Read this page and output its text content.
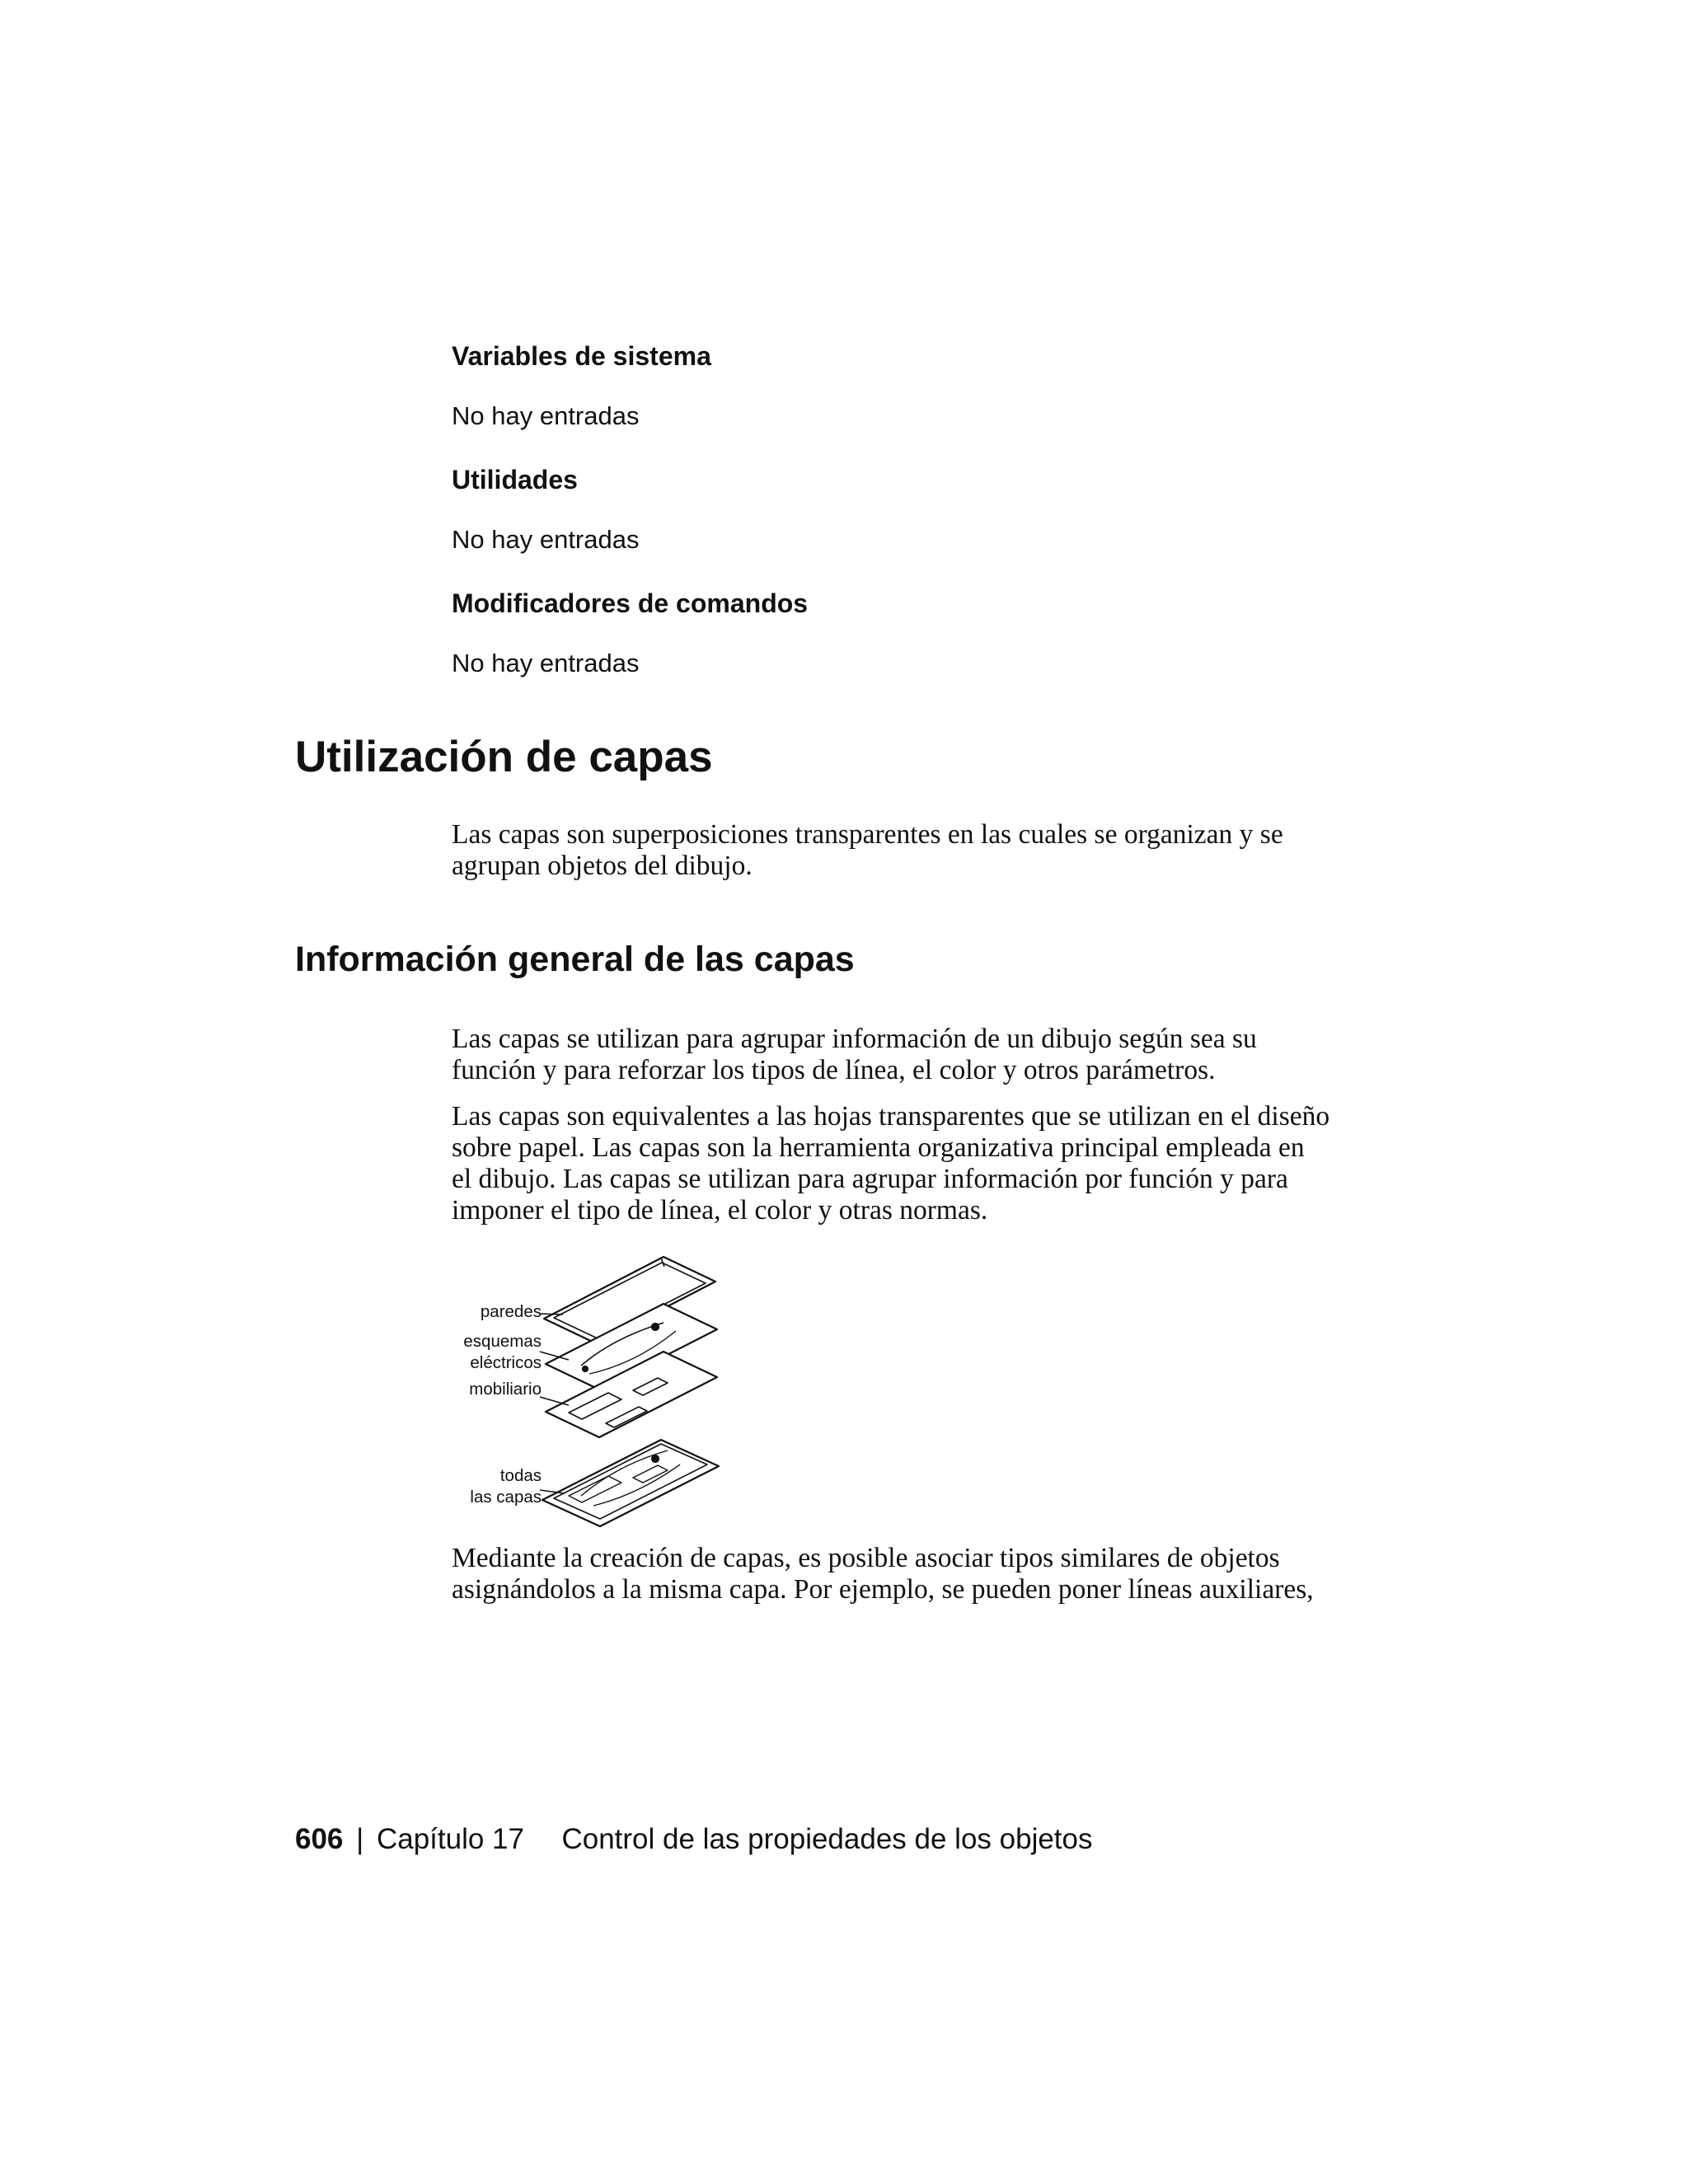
Variables de sistema
No hay entradas
Utilidades
No hay entradas
Modificadores de comandos
No hay entradas
Utilización de capas
Las capas son superposiciones transparentes en las cuales se organizan y se
agrupan objetos del dibujo.
Información general de las capas
Las capas se utilizan para agrupar información de un dibujo según sea su
función y para reforzar los tipos de línea, el color y otros parámetros.
Las capas son equivalentes a las hojas transparentes que se utilizan en el diseño
sobre papel. Las capas son la herramienta organizativa principal empleada en
el dibujo. Las capas se utilizan para agrupar información por función y para
imponer el tipo de línea, el color y otras normas.
paredes
esquemas
eléctricos
mobiliario
todas
las capas
Mediante la creación de capas, es posible asociar tipos similares de objetos
asignándolos a la misma capa. Por ejemplo, se pueden poner líneas auxiliares,
606 | Capítulo 17 Control de las propiedades de los objetos
